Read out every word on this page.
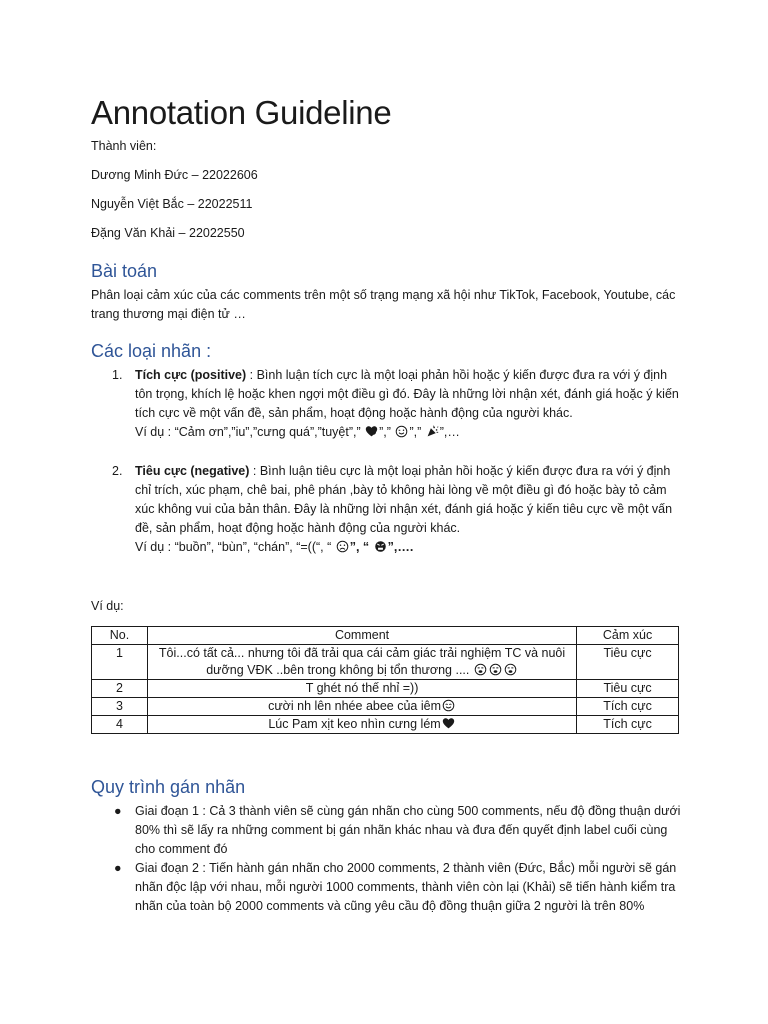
Annotation Guideline
Thành viên:
Dương Minh Đức – 22022606
Nguyễn Việt Bắc – 22022511
Đặng Văn Khải – 22022550
Bài toán
Phân loại cảm xúc của các comments trên một số trạng mạng xã hội như TikTok, Facebook, Youtube, các trang thương mại điện tử …
Các loại nhãn :
1. Tích cực (positive) : Bình luận tích cực là một loại phản hồi hoặc ý kiến được đưa ra với ý định tôn trọng, khích lệ hoặc khen ngợi một điều gì đó. Đây là những lời nhận xét, đánh giá hoặc ý kiến tích cực về một vấn đề, sản phẩm, hoạt động hoặc hành động của người khác.
Ví dụ : “Cảm ơn”,”iu”,”cưng quá”,”tuyệt”,” ”,” ”,” ”,…
2. Tiêu cực (negative) : Bình luận tiêu cực là một loại phản hồi hoặc ý kiến được đưa ra với ý định chỉ trích, xúc phạm, chê bai, phê phán ,bày tỏ không hài lòng về một điều gì đó hoặc bày tỏ cảm xúc không vui của bản thân. Đây là những lời nhận xét, đánh giá hoặc ý kiến tiêu cực về một vấn đề, sản phẩm, hoạt động hoặc hành động của người khác.
Ví dụ : “buồn”, “bùn”, “chán”, “=((“, “ ”, “ ”,….
Ví dụ:
No.	Comment	Cảm xúc
1	Tôi...có tất cả... nhưng tôi đã trải qua cái cảm giác trải nghiệm TC và nuôi
dưỡng VĐK ..bên trong không bị tổn thương ....	Tiêu cực
2	T ghét nó thế nhỉ =))	Tiêu cực
3	cười nh lên nhée abee của iêm	Tích cực
4	Lúc Pam xịt keo nhìn cưng lém	Tích cực
Quy trình gán nhãn
● Giai đoạn 1 : Cả 3 thành viên sẽ cùng gán nhãn cho cùng 500 comments, nếu độ đồng thuận dưới 80% thì sẽ lấy ra những comment bị gán nhãn khác nhau và đưa đến quyết định label cuối cùng cho comment đó
● Giai đoạn 2 : Tiến hành gán nhãn cho 2000 comments, 2 thành viên (Đức, Bắc) mỗi người sẽ gán nhãn độc lập với nhau, mỗi người 1000 comments, thành viên còn lại (Khải) sẽ tiến hành kiểm tra nhãn của toàn bộ 2000 comments và cũng yêu cầu độ đồng thuận giữa 2 người là trên 80%
